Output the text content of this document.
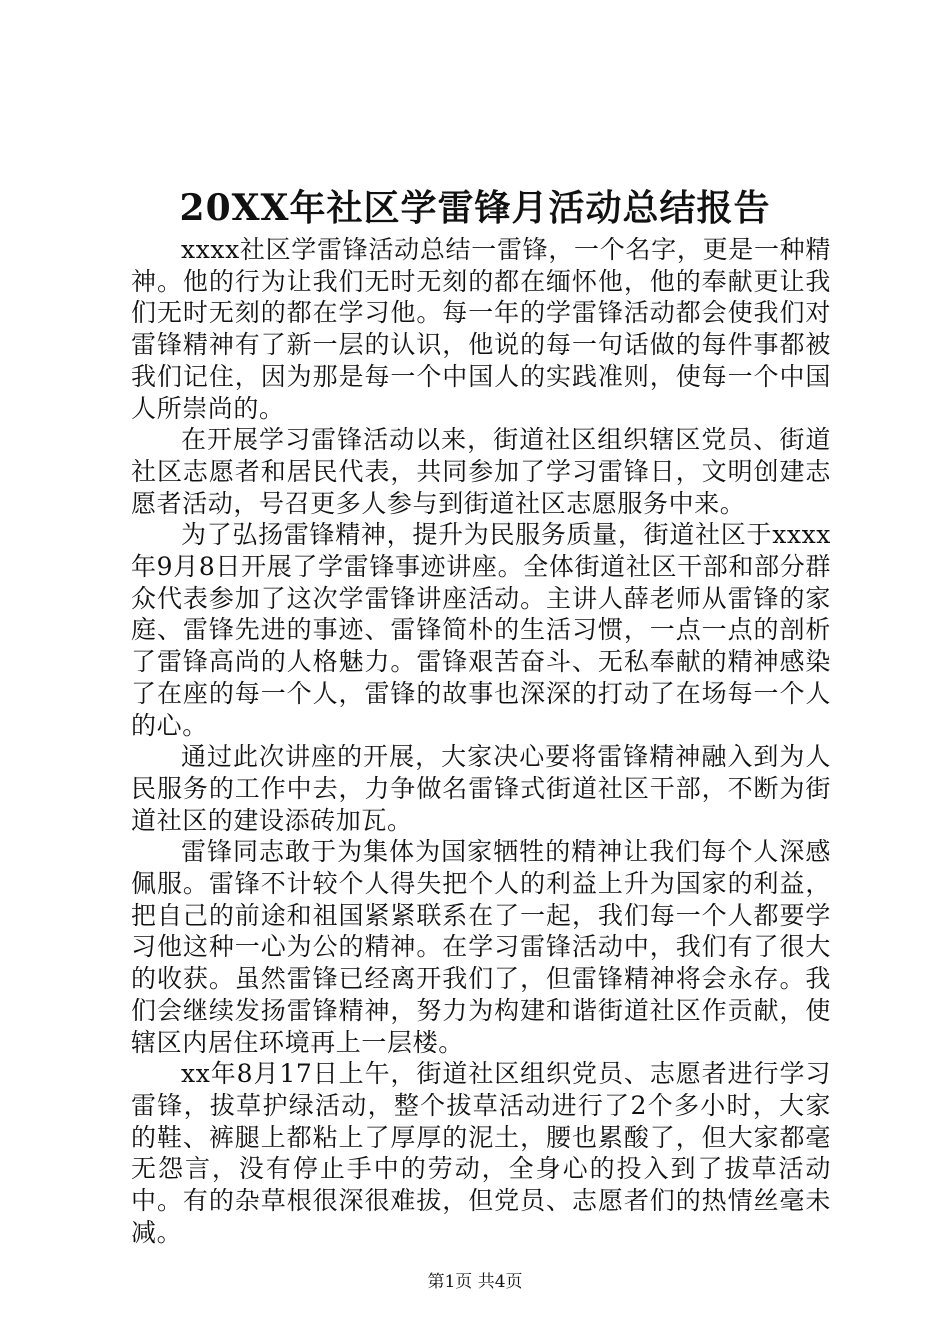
20XX年社区学雷锋月活动总结报告

xxxx社区学雷锋活动总结一雷锋，一个名字，更是一种精神。他的行为让我们无时无刻的都在缅怀他，他的奉献更让我们无时无刻的都在学习他。每一年的学雷锋活动都会使我们对雷锋精神有了新一层的认识，他说的每一句话做的每件事都被我们记住，因为那是每一个中国人的实践准则，使每一个中国人所崇尚的。

在开展学习雷锋活动以来，街道社区组织辖区党员、街道社区志愿者和居民代表，共同参加了学习雷锋日，文明创建志愿者活动，号召更多人参与到街道社区志愿服务中来。

为了弘扬雷锋精神，提升为民服务质量，街道社区于xxxx年9月8日开展了学雷锋事迹讲座。全体街道社区干部和部分群众代表参加了这次学雷锋讲座活动。主讲人薛老师从雷锋的家庭、雷锋先进的事迹、雷锋简朴的生活习惯，一点一点的剖析了雷锋高尚的人格魅力。雷锋艰苦奋斗、无私奉献的精神感染了在座的每一个人，雷锋的故事也深深的打动了在场每一个人的心。

通过此次讲座的开展，大家决心要将雷锋精神融入到为人民服务的工作中去，力争做名雷锋式街道社区干部，不断为街道社区的建设添砖加瓦。

雷锋同志敢于为集体为国家牺牲的精神让我们每个人深感佩服。雷锋不计较个人得失把个人的利益上升为国家的利益，把自己的前途和祖国紧紧联系在了一起，我们每一个人都要学习他这种一心为公的精神。在学习雷锋活动中，我们有了很大的收获。虽然雷锋已经离开我们了，但雷锋精神将会永存。我们会继续发扬雷锋精神，努力为构建和谐街道社区作贡献，使辖区内居住环境再上一层楼。

xx年8月17日上午，街道社区组织党员、志愿者进行学习雷锋，拔草护绿活动，整个拔草活动进行了2个多小时，大家的鞋、裤腿上都粘上了厚厚的泥土，腰也累酸了，但大家都毫无怨言，没有停止手中的劳动，全身心的投入到了拔草活动中。有的杂草根很深很难拔，但党员、志愿者们的热情丝毫未减。

第1页 共4页
